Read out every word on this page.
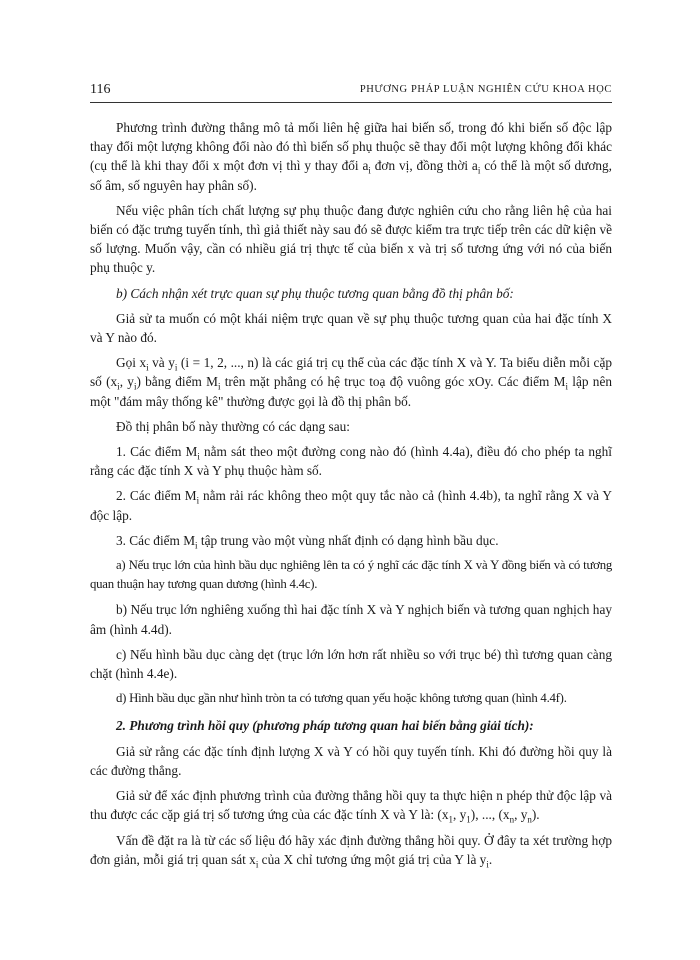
116	PHƯƠNG PHÁP LUẬN NGHIÊN CỨU KHOA HỌC

Phương trình đường thẳng mô tả mối liên hệ giữa hai biến số, trong đó khi biến số độc lập thay đổi một lượng không đổi nào đó thì biến số phụ thuộc sẽ thay đổi một lượng không đổi khác (cụ thể là khi thay đổi x một đơn vị thì y thay đổi $a_i$ đơn vị, đồng thời $a_i$ có thể là một số dương, số âm, số nguyên hay phân số).

Nếu việc phân tích chất lượng sự phụ thuộc đang được nghiên cứu cho rằng liên hệ của hai biến có đặc trưng tuyến tính, thì giả thiết này sau đó sẽ được kiểm tra trực tiếp trên các dữ kiện về số lượng. Muốn vậy, cần có nhiều giá trị thực tế của biến x và trị số tương ứng với nó của biến phụ thuộc y.

b) Cách nhận xét trực quan sự phụ thuộc tương quan bằng đồ thị phân bố:

Giả sử ta muốn có một khái niệm trực quan về sự phụ thuộc tương quan của hai đặc tính X và Y nào đó.

Gọi $x_i$ và $y_i$ (i = 1, 2, ..., n) là các giá trị cụ thể của các đặc tính X và Y. Ta biểu diễn mỗi cặp số ($x_i$, $y_i$) bằng điểm $M_i$ trên mặt phẳng có hệ trục toạ độ vuông góc xOy. Các điểm $M_i$ lập nên một "đám mây thống kê" thường được gọi là đồ thị phân bố.

Đồ thị phân bố này thường có các dạng sau:

1. Các điểm $M_i$ nằm sát theo một đường cong nào đó (hình 4.4a), điều đó cho phép ta nghĩ rằng các đặc tính X và Y phụ thuộc hàm số.

2. Các điểm $M_i$ nằm rải rác không theo một quy tắc nào cả (hình 4.4b), ta nghĩ rằng X và Y độc lập.

3. Các điểm $M_i$ tập trung vào một vùng nhất định có dạng hình bầu dục.

a) Nếu trục lớn của hình bầu dục nghiêng lên ta có ý nghĩ các đặc tính X và Y đồng biến và có tương quan thuận hay tương quan dương (hình 4.4c).

b) Nếu trục lớn nghiêng xuống thì hai đặc tính X và Y nghịch biến và tương quan nghịch hay âm (hình 4.4d).

c) Nếu hình bầu dục càng dẹt (trục lớn lớn hơn rất nhiều so với trục bé) thì tương quan càng chặt (hình 4.4e).

d) Hình bầu dục gần như hình tròn ta có tương quan yếu hoặc không tương quan (hình 4.4f).

2. Phương trình hồi quy (phương pháp tương quan hai biến bằng giải tích):

Giả sử rằng các đặc tính định lượng X và Y có hồi quy tuyến tính. Khi đó đường hồi quy là các đường thẳng.

Giả sử để xác định phương trình của đường thẳng hồi quy ta thực hiện n phép thử độc lập và thu được các cặp giá trị số tương ứng của các đặc tính X và Y là: ($x_1$, $y_1$), ..., ($x_n$, $y_n$).

Vấn đề đặt ra là từ các số liệu đó hãy xác định đường thẳng hồi quy. Ở đây ta xét trường hợp đơn giản, mỗi giá trị quan sát $x_i$ của X chỉ tương ứng một giá trị của Y là $y_i$.
